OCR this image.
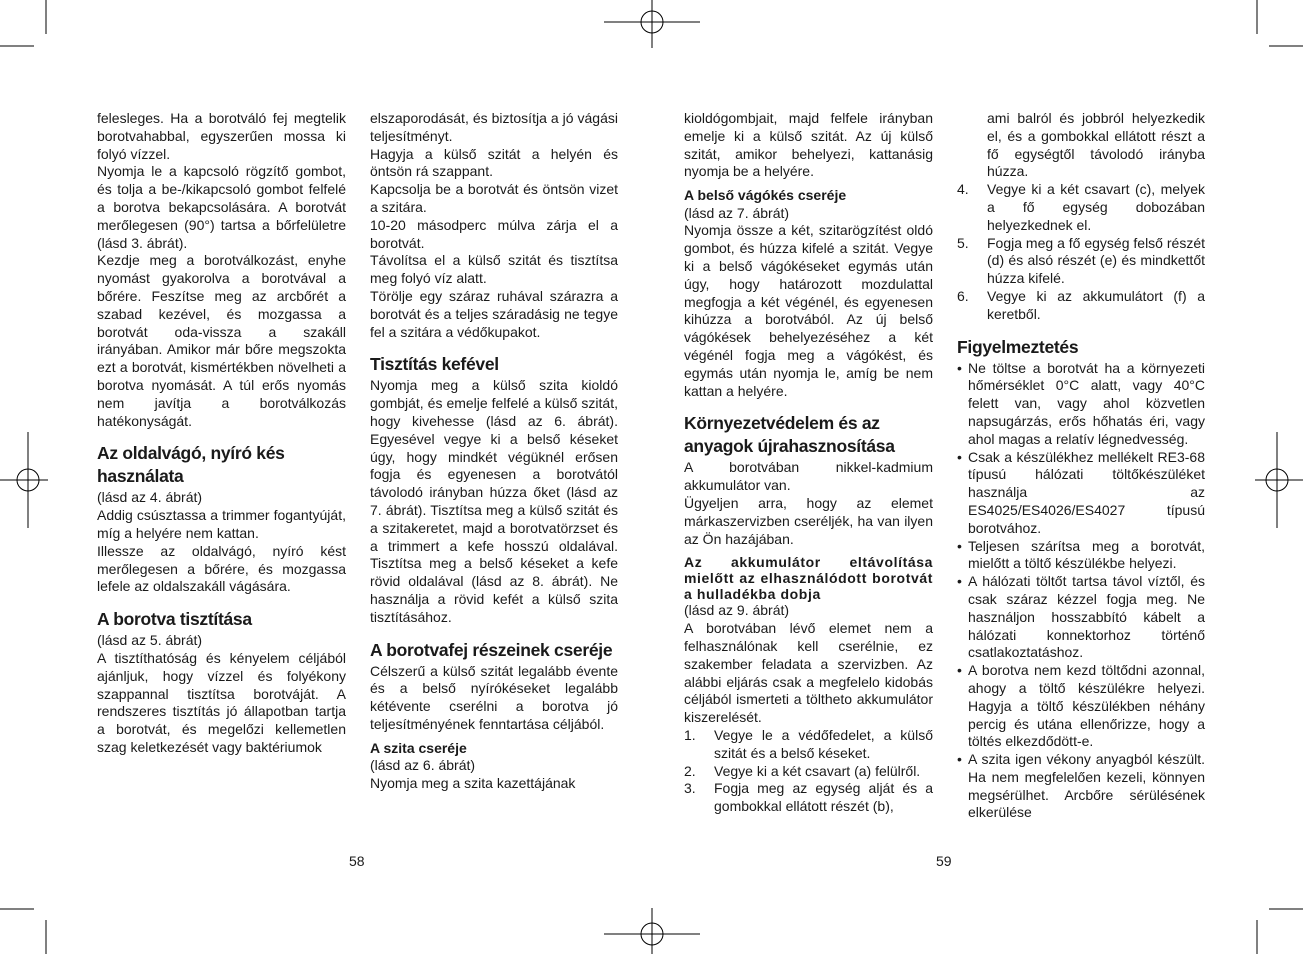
felesleges. Ha a borotváló fej megtelik borotvahabbal, egyszerűen mossa ki folyó vízzel.

Nyomja le a kapcsoló rögzítő gombot, és tolja a be-/kikapcsoló gombot felfelé a borotva bekapcsolására. A borotvát merőlegesen (90°) tartsa a bőrfelületre (lásd 3. ábrát).

Kezdje meg a borotválkozást, enyhe nyomást gyakorolva a borotvával a bőrére. Feszítse meg az arcbőrét a szabad kezével, és mozgassa a borotvát oda-vissza a szakáll irányában. Amikor már bőre megszokta ezt a borotvát, kismértékben növelheti a borotva nyomását. A túl erős nyomás nem javítja a borotválkozás hatékonyságát.

Az oldalvágó, nyíró kés használata

(lásd az 4. ábrát)

Addig csúsztassa a trimmer fogantyúját, míg a helyére nem kattan.

Illessze az oldalvágó, nyíró kést merőlegesen a bőrére, és mozgassa lefele az oldalszakáll vágására.

A borotva tisztítása

(lásd az 5. ábrát)

A tisztíthatóság és kényelem céljából ajánljuk, hogy vízzel és folyékony szappannal tisztítsa borotváját. A rendszeres tisztítás jó állapotban tartja a borotvát, és megelőzi kellemetlen szag keletkezését vagy baktériumok

elszaporodását, és biztosítja a jó vágási teljesítményt.

Hagyja a külső szitát a helyén és öntsön rá szappant.

Kapcsolja be a borotvát és öntsön vizet a szitára.

10-20 másodperc múlva zárja el a borotvát.

Távolítsa el a külső szitát és tisztítsa meg folyó víz alatt.

Törölje egy száraz ruhával szárazra a borotvát és a teljes száradásig ne tegye fel a szitára a védőkupakot.

Tisztítás kefével

Nyomja meg a külső szita kioldó gombját, és emelje felfelé a külső szitát, hogy kivehesse (lásd az 6. ábrát). Egyesével vegye ki a belső késeket úgy, hogy mindkét végüknél erősen fogja és egyenesen a borotvától távolodó irányban húzza őket (lásd az 7. ábrát). Tisztítsa meg a külső szitát és a szitakeretet, majd a borotvatörzset és a trimmert a kefe hosszú oldalával. Tisztítsa meg a belső késeket a kefe rövid oldalával (lásd az 8. ábrát). Ne használja a rövid kefét a külső szita tisztításához.

A borotvafej részeinek cseréje

Célszerű a külső szitát legalább évente és a belső nyírókéseket legalább kétévente cserélni a borotva jó teljesítményének fenntartása céljából.

A szita cseréje

(lásd az 6. ábrát)

Nyomja meg a szita kazettájának

kioldógombjait, majd felfele irányban emelje ki a külső szitát. Az új külső szitát, amikor behelyezi, kattanásig nyomja be a helyére.

A belső vágókés cseréje

(lásd az 7. ábrát)

Nyomja össze a két, szitarögzítést oldó gombot, és húzza kifelé a szitát. Vegye ki a belső vágókéseket egymás után úgy, hogy határozott mozdulattal megfogja a két végénél, és egyenesen kihúzza a borotvából. Az új belső vágókések behelyezéséhez a két végénél fogja meg a vágókést, és egymás után nyomja le, amíg be nem kattan a helyére.

Környezetvédelem és az anyagok újrahasznosítása

A borotvában nikkel-kadmium akkumulátor van.

Ügyeljen arra, hogy az elemet márkaszervizben cseréljék, ha van ilyen az Ön hazájában.

Az akkumulátor eltávolítása mielőtt az elhasználódott borotvát a hulladékba dobja

(lásd az 9. ábrát)

A borotvában lévő elemet nem a felhasználónak kell cserélnie, ez szakember feladata a szervizben. Az alábbi eljárás csak a megfelelo kidobás céljából ismerteti a töltheto akkumulátor kiszerelését.

1.	Vegye le a védőfedelet, a külső szitát és a belső késeket.
2.	Vegye ki a két csavart (a) felülről.
3.	Fogja meg az egység alját és a gombokkal ellátott részét (b),

ami balról és jobbról helyezkedik el, és a gombokkal ellátott részt a fő egységtől távolodó irányba húzza.

4.	Vegye ki a két csavart (c), melyek a fő egység dobozában helyezkednek el.
5.	Fogja meg a fő egység felső részét (d) és alsó részét (e) és mindkettőt húzza kifelé.
6.	Vegye ki az akkumulátort (f) a keretből.
Figyelmeztetés
• Ne töltse a borotvát ha a környezeti hőmérséklet 0°C alatt, vagy 40°C felett van, vagy ahol közvetlen napsugárzás, erős hőhatás éri, vagy ahol magas a relatív légnedvesség.
• Csak a készülékhez mellékelt RE3-68 típusú hálózati töltőkészüléket használja az ES4025/ES4026/ES4027 típusú borotvához.
• Teljesen szárítsa meg a borotvát, mielőtt a töltő készülékbe helyezi.
• A hálózati töltőt tartsa távol víztől, és csak száraz kézzel fogja meg. Ne használjon hosszabbító kábelt a hálózati konnektorhoz történő csatlakoztatáshoz.
• A borotva nem kezd töltődni azonnal, ahogy a töltő készülékre helyezi. Hagyja a töltő készülékben néhány percig és utána ellenőrizze, hogy a töltés elkezdődött-e.
• A szita igen vékony anyagból készült. Ha nem megfelelően kezeli, könnyen megsérülhet. Arcbőre sérülésének elkerülése
58	59
